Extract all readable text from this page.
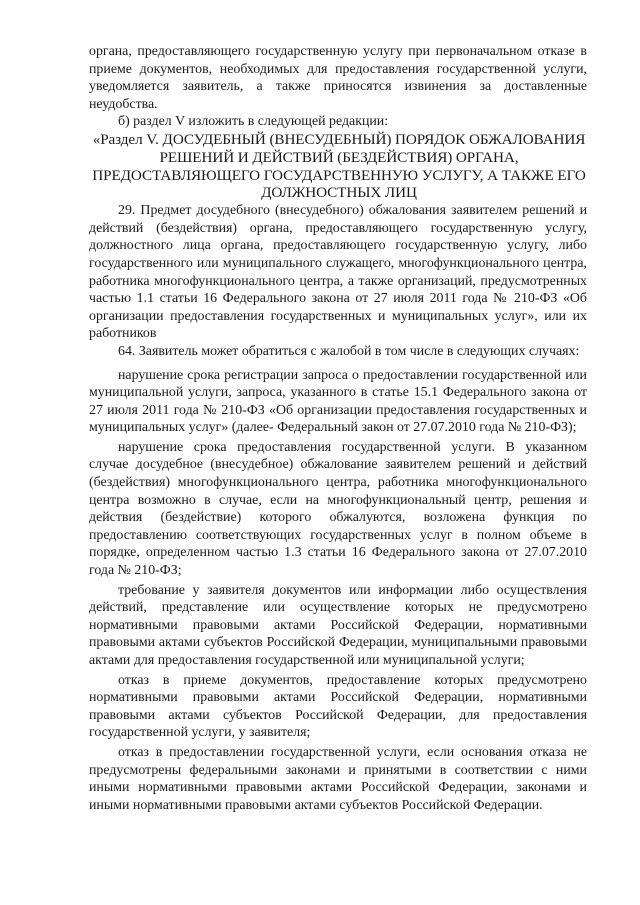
органа, предоставляющего государственную услугу при первоначальном отказе в приеме документов, необходимых для предоставления государственной услуги, уведомляется заявитель, а также приносятся извинения за доставленные неудобства.

б) раздел V изложить в следующей редакции:

«Раздел V. ДОСУДЕБНЫЙ (ВНЕСУДЕБНЫЙ) ПОРЯДОК ОБЖАЛОВАНИЯ РЕШЕНИЙ И ДЕЙСТВИЙ (БЕЗДЕЙСТВИЯ) ОРГАНА, ПРЕДОСТАВЛЯЮЩЕГО ГОСУДАРСТВЕННУЮ УСЛУГУ, А ТАКЖЕ ЕГО ДОЛЖНОСТНЫХ ЛИЦ

29. Предмет досудебного (внесудебного) обжалования заявителем решений и действий (бездействия) органа, предоставляющего государственную услугу, должностного лица органа, предоставляющего государственную услугу, либо государственного или муниципального служащего, многофункционального центра, работника многофункционального центра, а также организаций, предусмотренных частью 1.1 статьи 16 Федерального закона от 27 июля 2011 года № 210-ФЗ «Об организации предоставления государственных и муниципальных услуг», или их работников

64. Заявитель может обратиться с жалобой в том числе в следующих случаях:

нарушение срока регистрации запроса о предоставлении государственной или муниципальной услуги, запроса, указанного в статье 15.1 Федерального закона от 27 июля 2011 года № 210-ФЗ «Об организации предоставления государственных и муниципальных услуг» (далее- Федеральный закон от 27.07.2010 года № 210-ФЗ);

нарушение срока предоставления государственной услуги. В указанном случае досудебное (внесудебное) обжалование заявителем решений и действий (бездействия) многофункционального центра, работника многофункционального центра возможно в случае, если на многофункциональный центр, решения и действия (бездействие) которого обжалуются, возложена функция по предоставлению соответствующих государственных услуг в полном объеме в порядке, определенном частью 1.3 статьи 16 Федерального закона от 27.07.2010 года № 210-ФЗ;

требование у заявителя документов или информации либо осуществления действий, представление или осуществление которых не предусмотрено нормативными правовыми актами Российской Федерации, нормативными правовыми актами субъектов Российской Федерации, муниципальными правовыми актами для предоставления государственной или муниципальной услуги;

отказ в приеме документов, предоставление которых предусмотрено нормативными правовыми актами Российской Федерации, нормативными правовыми актами субъектов Российской Федерации, для предоставления государственной услуги, у заявителя;

отказ в предоставлении государственной услуги, если основания отказа не предусмотрены федеральными законами и принятыми в соответствии с ними иными нормативными правовыми актами Российской Федерации, законами и иными нормативными правовыми актами субъектов Российской Федерации.
